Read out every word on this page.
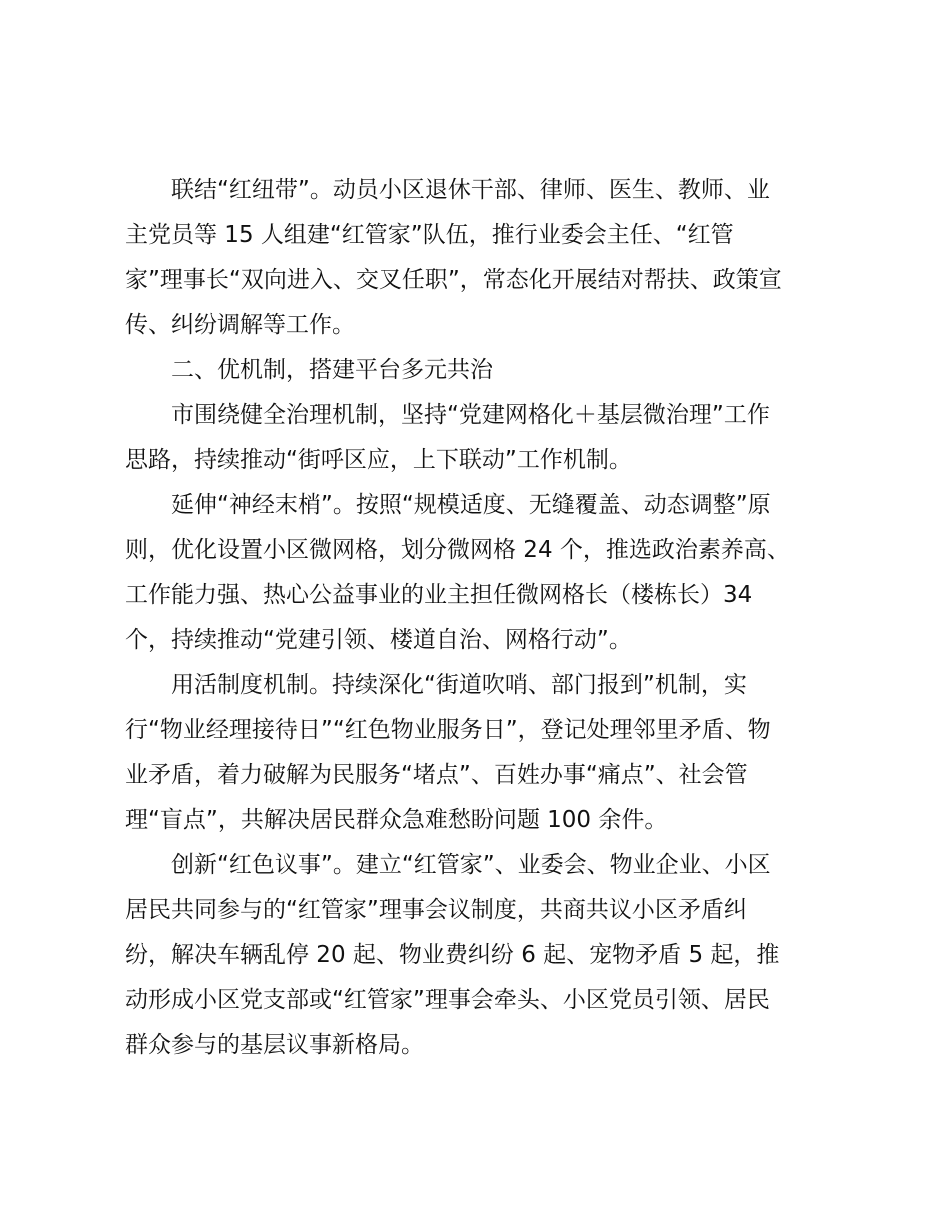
联结“红纽带”。动员小区退休干部、律师、医生、教师、业
主党员等 15 人组建“红管家”队伍，推行业委会主任、“红管
家”理事长“双向进入、交叉任职”，常态化开展结对帮扶、政策宣
传、纠纷调解等工作。

二、优机制，搭建平台多元共治

市围绕健全治理机制，坚持“党建网格化＋基层微治理”工作
思路，持续推动“街呼区应，上下联动”工作机制。

延伸“神经末梢”。按照“规模适度、无缝覆盖、动态调整”原
则，优化设置小区微网格，划分微网格 24 个，推选政治素养高、
工作能力强、热心公益事业的业主担任微网格长（楼栋长）34
个，持续推动“党建引领、楼道自治、网格行动”。

用活制度机制。持续深化“街道吹哨、部门报到”机制，实
行“物业经理接待日”“红色物业服务日”，登记处理邻里矛盾、物
业矛盾，着力破解为民服务“堵点”、百姓办事“痛点”、社会管
理“盲点”，共解决居民群众急难愁盼问题 100 余件。

创新“红色议事”。建立“红管家”、业委会、物业企业、小区
居民共同参与的“红管家”理事会议制度，共商共议小区矛盾纠
纷，解决车辆乱停 20 起、物业费纠纷 6 起、宠物矛盾 5 起，推
动形成小区党支部或“红管家”理事会牵头、小区党员引领、居民
群众参与的基层议事新格局。
